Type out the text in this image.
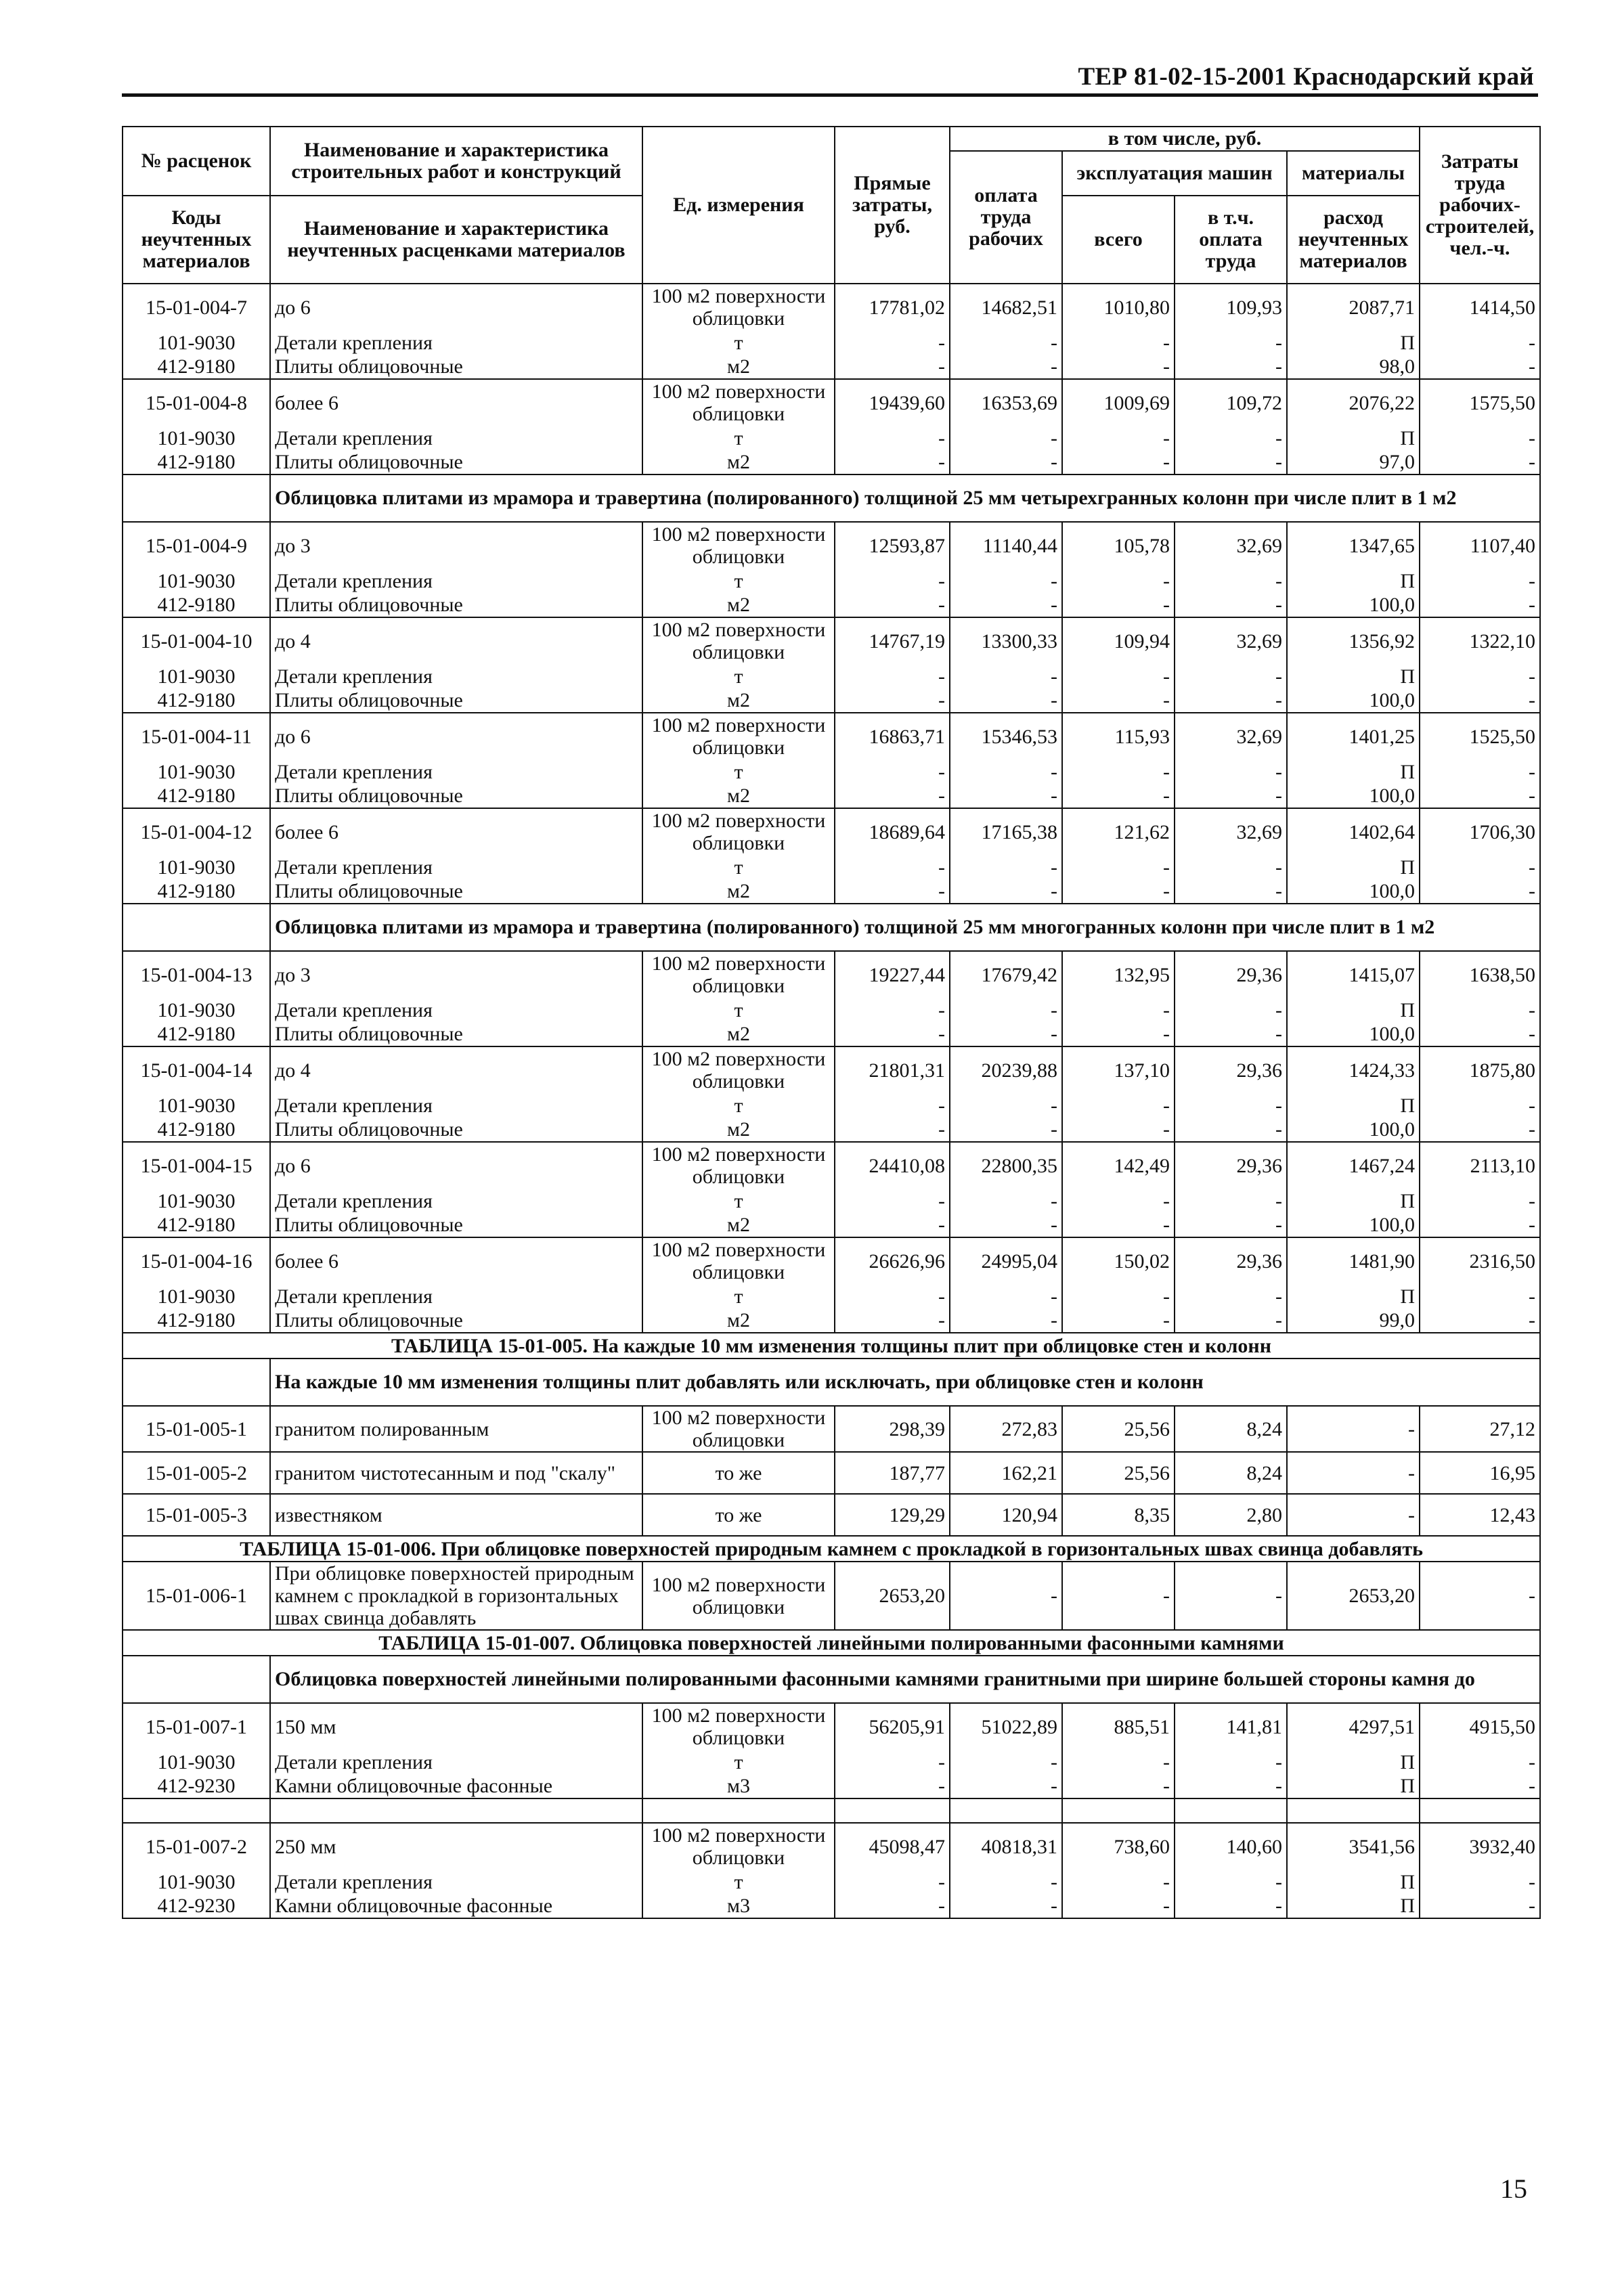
ТЕР 81-02-15-2001 Краснодарский край
№ расценок	Наименование и характеристика строительных работ и конструкций	Ед. измерения	Прямые затраты, руб.	в том числе, руб.				Затраты труда рабочих-строителей, чел.-ч.
				оплата труда рабочих	эксплуатация машин		материалы	
Коды неучтенных материалов	Наименование и характеристика неучтенных расценками материалов				всего	в т.ч. оплата труда	расход неучтенных материалов	

15-01-004-7	до 6	100 м2 поверхности облицовки	17781,02	14682,51	1010,80	109,93	2087,71	1414,50
101-9030	Детали крепления	т	-	-	-	-	П	-
412-9180	Плиты облицовочные	м2	-	-	-	-	98,0	-
15-01-004-8	более 6	100 м2 поверхности облицовки	19439,60	16353,69	1009,69	109,72	2076,22	1575,50
101-9030	Детали крепления	т	-	-	-	-	П	-
412-9180	Плиты облицовочные	м2	-	-	-	-	97,0	-
	Облицовка плитами из мрамора и травертина (полированного) толщиной 25 мм четырехгранных колонн при числе плит в 1 м2							
15-01-004-9	до 3	100 м2 поверхности облицовки	12593,87	11140,44	105,78	32,69	1347,65	1107,40
101-9030	Детали крепления	т	-	-	-	-	П	-
412-9180	Плиты облицовочные	м2	-	-	-	-	100,0	-
15-01-004-10	до 4	100 м2 поверхности облицовки	14767,19	13300,33	109,94	32,69	1356,92	1322,10
101-9030	Детали крепления	т	-	-	-	-	П	-
412-9180	Плиты облицовочные	м2	-	-	-	-	100,0	-
15-01-004-11	до 6	100 м2 поверхности облицовки	16863,71	15346,53	115,93	32,69	1401,25	1525,50
101-9030	Детали крепления	т	-	-	-	-	П	-
412-9180	Плиты облицовочные	м2	-	-	-	-	100,0	-
15-01-004-12	более 6	100 м2 поверхности облицовки	18689,64	17165,38	121,62	32,69	1402,64	1706,30
101-9030	Детали крепления	т	-	-	-	-	П	-
412-9180	Плиты облицовочные	м2	-	-	-	-	100,0	-
	Облицовка плитами из мрамора и травертина (полированного) толщиной 25 мм многогранных колонн при числе плит в 1 м2							
15-01-004-13	до 3	100 м2 поверхности облицовки	19227,44	17679,42	132,95	29,36	1415,07	1638,50
101-9030	Детали крепления	т	-	-	-	-	П	-
412-9180	Плиты облицовочные	м2	-	-	-	-	100,0	-
15-01-004-14	до 4	100 м2 поверхности облицовки	21801,31	20239,88	137,10	29,36	1424,33	1875,80
101-9030	Детали крепления	т	-	-	-	-	П	-
412-9180	Плиты облицовочные	м2	-	-	-	-	100,0	-
15-01-004-15	до 6	100 м2 поверхности облицовки	24410,08	22800,35	142,49	29,36	1467,24	2113,10
101-9030	Детали крепления	т	-	-	-	-	П	-
412-9180	Плиты облицовочные	м2	-	-	-	-	100,0	-
15-01-004-16	более 6	100 м2 поверхности облицовки	26626,96	24995,04	150,02	29,36	1481,90	2316,50
101-9030	Детали крепления	т	-	-	-	-	П	-
412-9180	Плиты облицовочные	м2	-	-	-	-	99,0	-
ТАБЛИЦА 15-01-005. На каждые 10 мм изменения толщины плит при облицовке стен и колонн								
	На каждые 10 мм изменения толщины плит добавлять или исключать, при облицовке стен и колонн							
15-01-005-1	гранитом полированным	100 м2 поверхности облицовки	298,39	272,83	25,56	8,24	-	27,12
15-01-005-2	гранитом чистотесанным и под "скалу"	то же	187,77	162,21	25,56	8,24	-	16,95
15-01-005-3	известняком	то же	129,29	120,94	8,35	2,80	-	12,43
ТАБЛИЦА 15-01-006. При облицовке поверхностей природным камнем с прокладкой в горизонтальных швах свинца добавлять								
15-01-006-1	При облицовке поверхностей природным камнем с прокладкой в горизонтальных швах свинца добавлять	100 м2 поверхности облицовки	2653,20	-	-	-	2653,20	-
ТАБЛИЦА 15-01-007. Облицовка поверхностей линейными полированными фасонными камнями								
	Облицовка поверхностей линейными полированными фасонными камнями гранитными при ширине большей стороны камня до							
15-01-007-1	150 мм	100 м2 поверхности облицовки	56205,91	51022,89	885,51	141,81	4297,51	4915,50
101-9030	Детали крепления	т	-	-	-	-	П	-
412-9230	Камни облицовочные фасонные	м3	-	-	-	-	П	-

15-01-007-2	250 мм	100 м2 поверхности облицовки	45098,47	40818,31	738,60	140,60	3541,56	3932,40
101-9030	Детали крепления	т	-	-	-	-	П	-
412-9230	Камни облицовочные фасонные	м3	-	-	-	-	П	-
15
